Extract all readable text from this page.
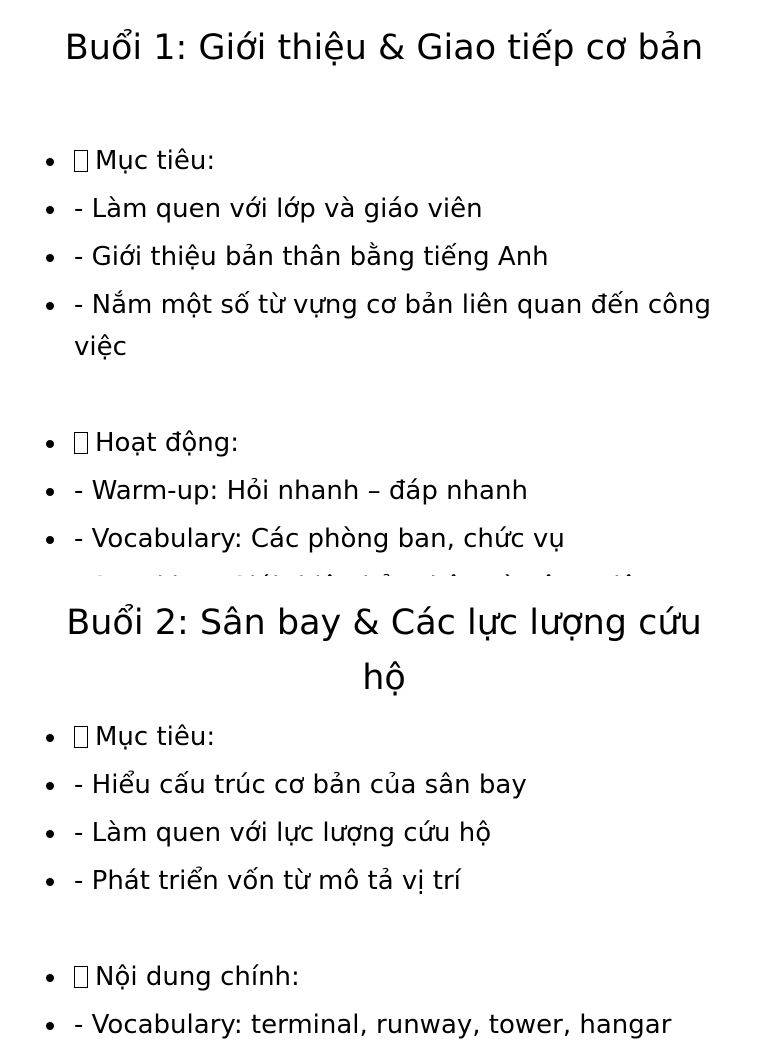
Buổi 1: Giới thiệu & Giao tiếp cơ bản
Mục tiêu:
- Làm quen với lớp và giáo viên
- Giới thiệu bản thân bằng tiếng Anh
- Nắm một số từ vựng cơ bản liên quan đến công việc
Hoạt động:
- Warm-up: Hỏi nhanh – đáp nhanh
- Vocabulary: Các phòng ban, chức vụ
Buổi 2: Sân bay & Các lực lượng cứu hộ
Mục tiêu:
- Hiểu cấu trúc cơ bản của sân bay
- Làm quen với lực lượng cứu hộ
- Phát triển vốn từ mô tả vị trí
Nội dung chính:
- Vocabulary: terminal, runway, tower, hangar
